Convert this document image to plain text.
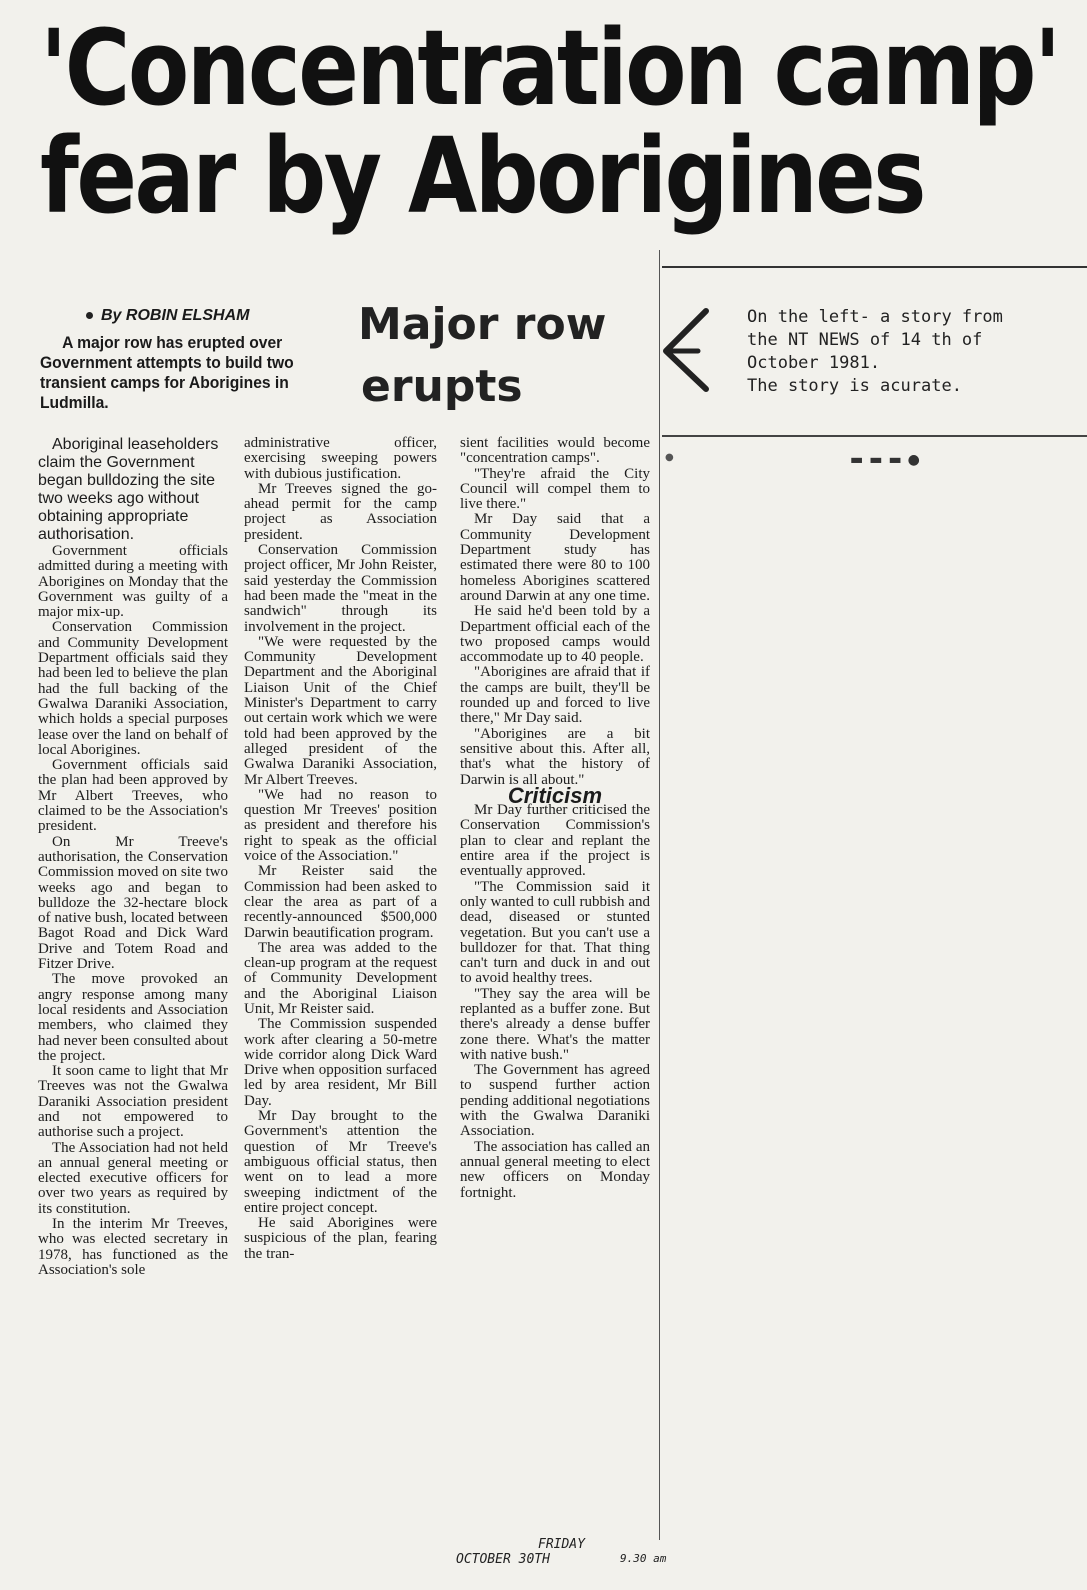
'Concentration camp'
fear by Aborigines
By ROBIN ELSHAM
A major row has erupted over Government attempts to build two transient camps for Aborigines in Ludmilla.
Major row
erupts
On the left- a story from
the NT NEWS of 14 th of
October 1981.
The story is acurate.

Aboriginal leaseholders claim the Government began bulldozing the site two weeks ago without obtaining appropriate authorisation.

Government officials admitted during a meeting with Aborigines on Monday that the Government was guilty of a major mix-up.

Conservation Commission and Community Development Department officials said they had been led to believe the plan had the full backing of the Gwalwa Daraniki Association, which holds a special purposes lease over the land on behalf of local Aborigines.

Government officials said the plan had been approved by Mr Albert Treeves, who claimed to be the Association's president.

On Mr Treeve's authorisation, the Conservation Commission moved on site two weeks ago and began to bulldoze the 32-hectare block of native bush, located between Bagot Road and Dick Ward Drive and Totem Road and Fitzer Drive.

The move provoked an angry response among many local residents and Association members, who claimed they had never been consulted about the project.

It soon came to light that Mr Treeves was not the Gwalwa Daraniki Association president and not empowered to authorise such a project.

The Association had not held an annual general meeting or elected executive officers for over two years as required by its constitution.

In the interim Mr Treeves, who was elected secretary in 1978, has functioned as the Association's sole

administrative officer, exercising sweeping powers with dubious justification.

Mr Treeves signed the go-ahead permit for the camp project as Association president.

Conservation Commission project officer, Mr John Reister, said yesterday the Commission had been made the "meat in the sandwich" through its involvement in the project.

"We were requested by the Community Development Department and the Aboriginal Liaison Unit of the Chief Minister's Department to carry out certain work which we were told had been approved by the alleged president of the Gwalwa Daraniki Association, Mr Albert Treeves.

"We had no reason to question Mr Treeves' position as president and therefore his right to speak as the official voice of the Association."

Mr Reister said the Commission had been asked to clear the area as part of a recently-announced $500,000 Darwin beautification program.

The area was added to the clean-up program at the request of Community Development and the Aboriginal Liaison Unit, Mr Reister said.

The Commission suspended work after clearing a 50-metre wide corridor along Dick Ward Drive when opposition surfaced led by area resident, Mr Bill Day.

Mr Day brought to the Government's attention the question of Mr Treeve's ambiguous official status, then went on to lead a more sweeping indictment of the entire project concept.

He said Aborigines were suspicious of the plan, fearing the tran-

sient facilities would become "concentration camps".

"They're afraid the City Council will compel them to live there."

Mr Day said that a Community Development Department study has estimated there were 80 to 100 homeless Aborigines scattered around Darwin at any one time.

He said he'd been told by a Department official each of the two proposed camps would accommodate up to 40 people.

"Aborigines are afraid that if the camps are built, they'll be rounded up and forced to live there," Mr Day said.

"Aborigines are a bit sensitive about this. After all, that's what the history of Darwin is all about."

Criticism

Mr Day further criticised the Conservation Commission's plan to clear and replant the entire area if the project is eventually approved.

"The Commission said it only wanted to cull rubbish and dead, diseased or stunted vegetation. But you can't use a bulldozer for that. That thing can't turn and duck in and out to avoid healthy trees.

"They say the area will be replanted as a buffer zone. But there's already a dense buffer zone there. What's the matter with native bush."

The Government has agreed to suspend further action pending additional negotiations with the Gwalwa Daraniki Association.

The association has called an annual general meeting to elect new officers on Monday fortnight.

FRIDAY
OCTOBER 30TH	9.30 am
●	▬▬▬●
